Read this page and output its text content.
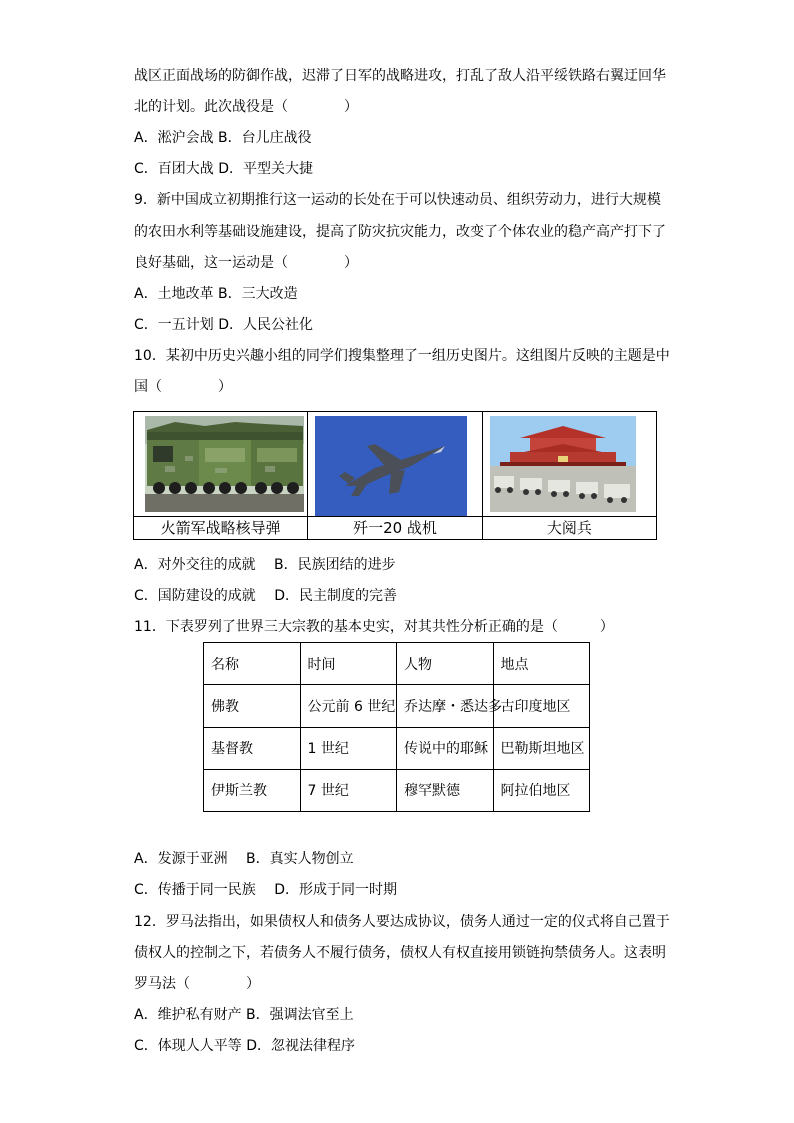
战区正面战场的防御作战，迟滞了日军的战略进攻，打乱了敌人沿平绥铁路右翼迂回华
北的计划。此次战役是（　　　　）
A．淞沪会战 B．台儿庄战役
C．百团大战 D．平型关大捷
9．新中国成立初期推行这一运动的长处在于可以快速动员、组织劳动力，进行大规模
的农田水利等基础设施建设，提高了防灾抗灾能力，改变了个体农业的稳产高产打下了
良好基础，这一运动是（　　　　）
A．土地改革 B．三大改造
C．一五计划 D．人民公社化
10．某初中历史兴趣小组的同学们搜集整理了一组历史图片。这组图片反映的主题是中
国（　　　　）

火箭军战略核导弹	歼一20 战机	大阅兵
A．对外交往的成就　 B．民族团结的进步
C．国防建设的成就　 D．民主制度的完善
11．下表罗列了世界三大宗教的基本史实，对其共性分析正确的是（　　　）
名称	时间	人物	地点
佛教	公元前 6 世纪	乔达摩・悉达多	古印度地区
基督教	1 世纪	传说中的耶稣	巴勒斯坦地区
伊斯兰教	7 世纪	穆罕默德	阿拉伯地区
A．发源于亚洲　 B．真实人物创立
C．传播于同一民族　 D．形成于同一时期
12．罗马法指出，如果债权人和债务人要达成协议，债务人通过一定的仪式将自己置于
债权人的控制之下，若债务人不履行债务，债权人有权直接用锁链拘禁债务人。这表明
罗马法（　　　　）
A．维护私有财产 B．强调法官至上
C．体现人人平等 D．忽视法律程序
